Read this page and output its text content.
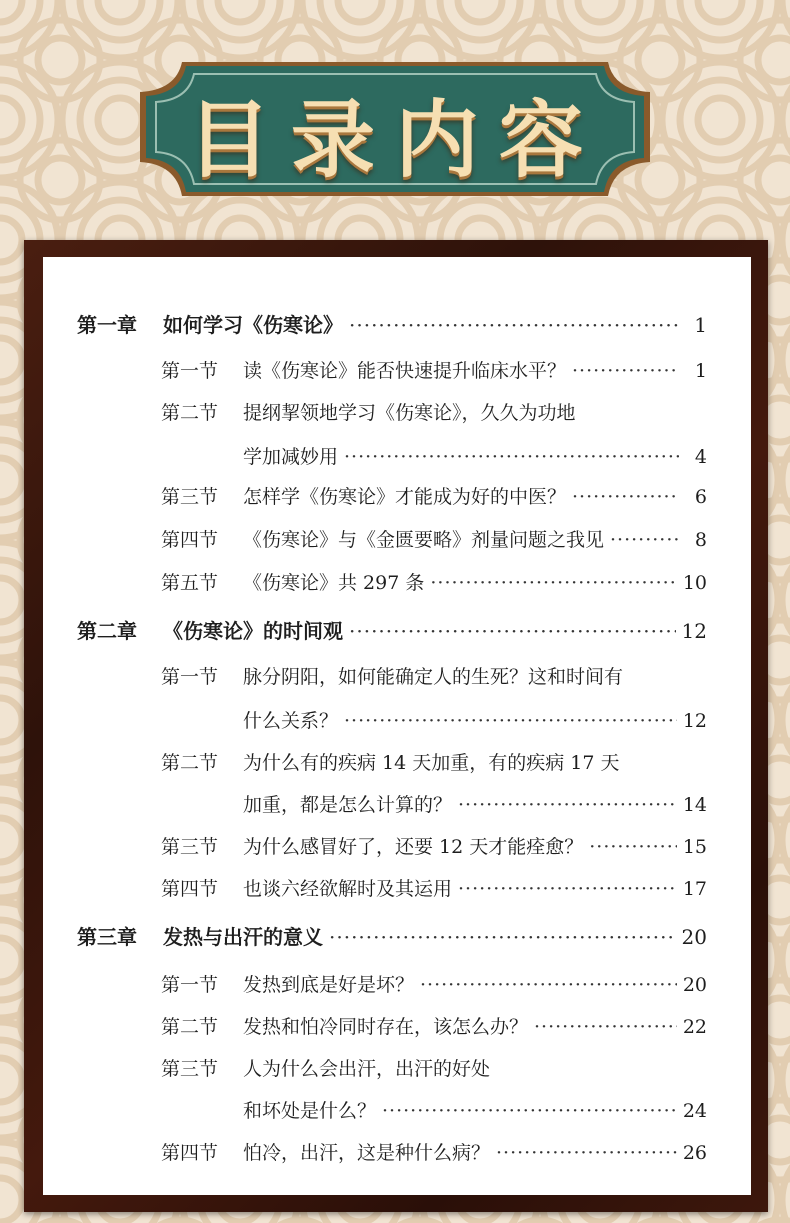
目录内容
第一章	如何学习《伤寒论》 ·····	1
第一节	读《伤寒论》能否快速提升临床水平？ ·····	1
第二节	提纲挈领地学习《伤寒论》，久久为功地
学加减妙用 ·····	4
第三节	怎样学《伤寒论》才能成为好的中医？ ·····	6
第四节	《伤寒论》与《金匮要略》剂量问题之我见 ·····	8
第五节	《伤寒论》共 297 条 ·····	10
第二章	《伤寒论》的时间观 ·····	12
第一节	脉分阴阳，如何能确定人的生死？这和时间有
什么关系？ ·····	12
第二节	为什么有的疾病 14 天加重，有的疾病 17 天
加重，都是怎么计算的？ ·····	14
第三节	为什么感冒好了，还要 12 天才能痊愈？ ·····	15
第四节	也谈六经欲解时及其运用 ·····	17
第三章	发热与出汗的意义 ·····	20
第一节	发热到底是好是坏？ ·····	20
第二节	发热和怕冷同时存在，该怎么办？ ·····	22
第三节	人为什么会出汗，出汗的好处
和坏处是什么？ ·····	24
第四节	怕冷，出汗，这是种什么病？ ·····	26
